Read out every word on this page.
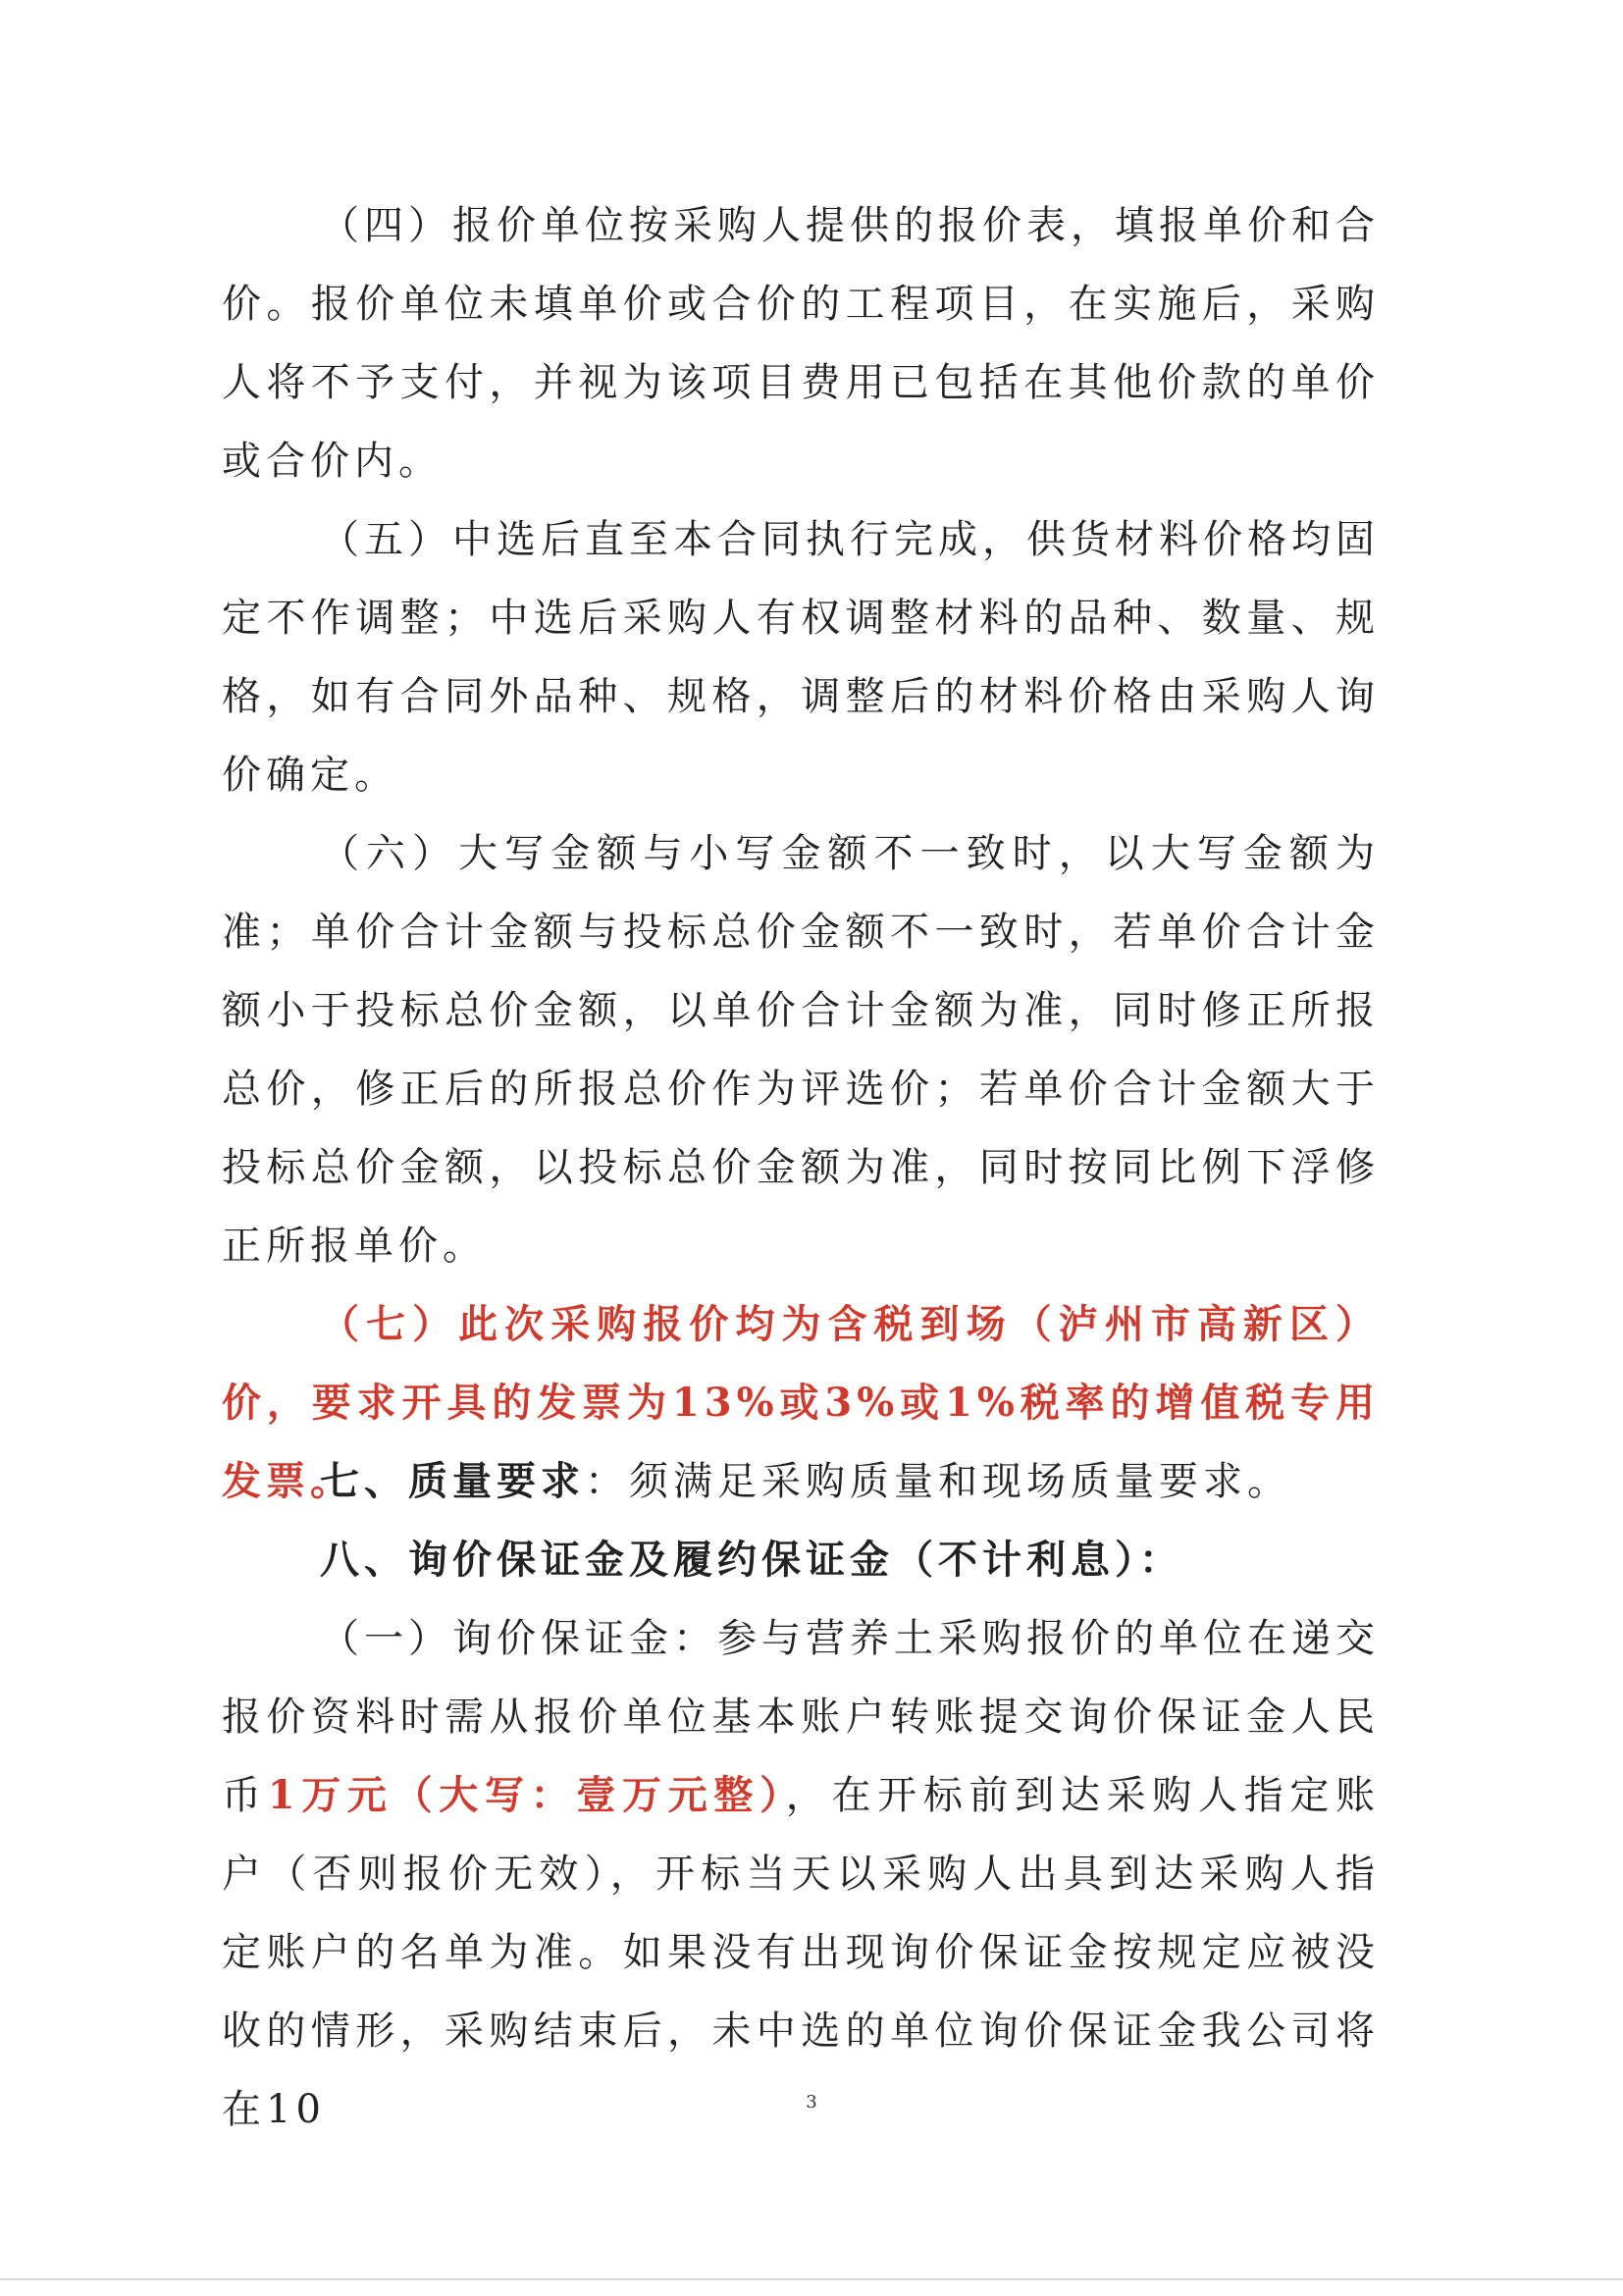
（四）报价单位按采购人提供的报价表，填报单价和合价。报价单位未填单价或合价的工程项目，在实施后，采购人将不予支付，并视为该项目费用已包括在其他价款的单价或合价内。
（五）中选后直至本合同执行完成，供货材料价格均固定不作调整；中选后采购人有权调整材料的品种、数量、规格，如有合同外品种、规格，调整后的材料价格由采购人询价确定。
（六）大写金额与小写金额不一致时，以大写金额为准；单价合计金额与投标总价金额不一致时，若单价合计金额小于投标总价金额，以单价合计金额为准，同时修正所报总价，修正后的所报总价作为评选价；若单价合计金额大于投标总价金额，以投标总价金额为准，同时按同比例下浮修正所报单价。
（七）此次采购报价均为含税到场（泸州市高新区）价，要求开具的发票为13%或3%或1%税率的增值税专用发票。
七、质量要求：须满足采购质量和现场质量要求。
八、询价保证金及履约保证金（不计利息）：
（一）询价保证金：参与营养土采购报价的单位在递交报价资料时需从报价单位基本账户转账提交询价保证金人民币1万元（大写：壹万元整），在开标前到达采购人指定账户（否则报价无效），开标当天以采购人出具到达采购人指定账户的名单为准。如果没有出现询价保证金按规定应被没收的情形，采购结束后，未中选的单位询价保证金我公司将在10	3
